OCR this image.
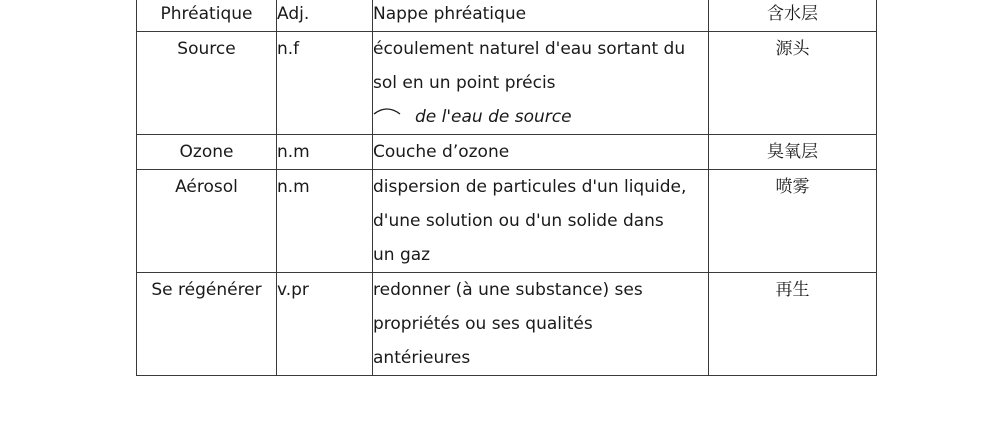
Phréatique	Adj.	Nappe phréatique	含水层
Source	n.f	écoulement naturel d'eau sortant du
sol en un point précis
de l'eau de source	源头
Ozone	n.m	Couche d’ozone	臭氧层
Aérosol	n.m	dispersion de particules d'un liquide,
d'une solution ou d'un solide dans
un gaz	喷雾
Se régénérer	v.pr	redonner (à une substance) ses
propriétés ou ses qualités
antérieures	再生
